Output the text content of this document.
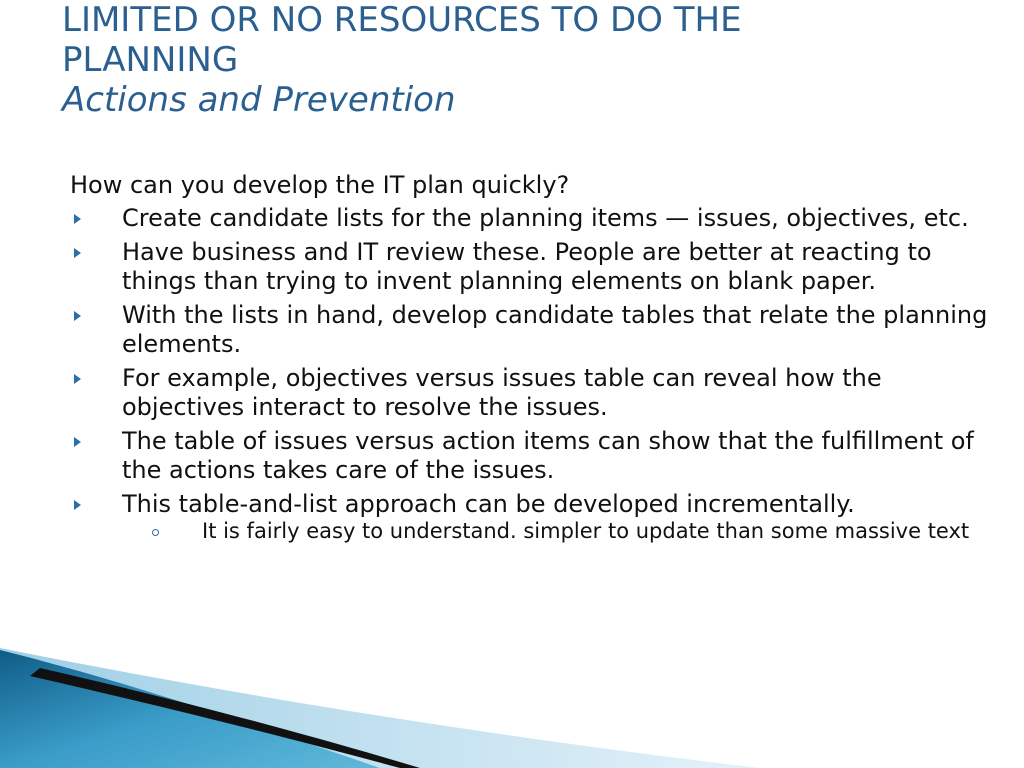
LIMITED OR NO RESOURCES TO DO THE
PLANNING
Actions and Prevention

How can you develop the IT plan quickly?

Create candidate lists for the planning items — issues, objectives, etc.
Have business and IT review these. People are better at reacting to things than trying to invent planning elements on blank paper.
With the lists in hand, develop candidate tables that relate the planning elements.
For example, objectives versus issues table can reveal how the objectives interact to resolve the issues.
The table of issues versus action items can show that the fulfillment of the actions takes care of the issues.
This table-and-list approach can be developed incrementally.
It is fairly easy to understand. simpler to update than some massive text
